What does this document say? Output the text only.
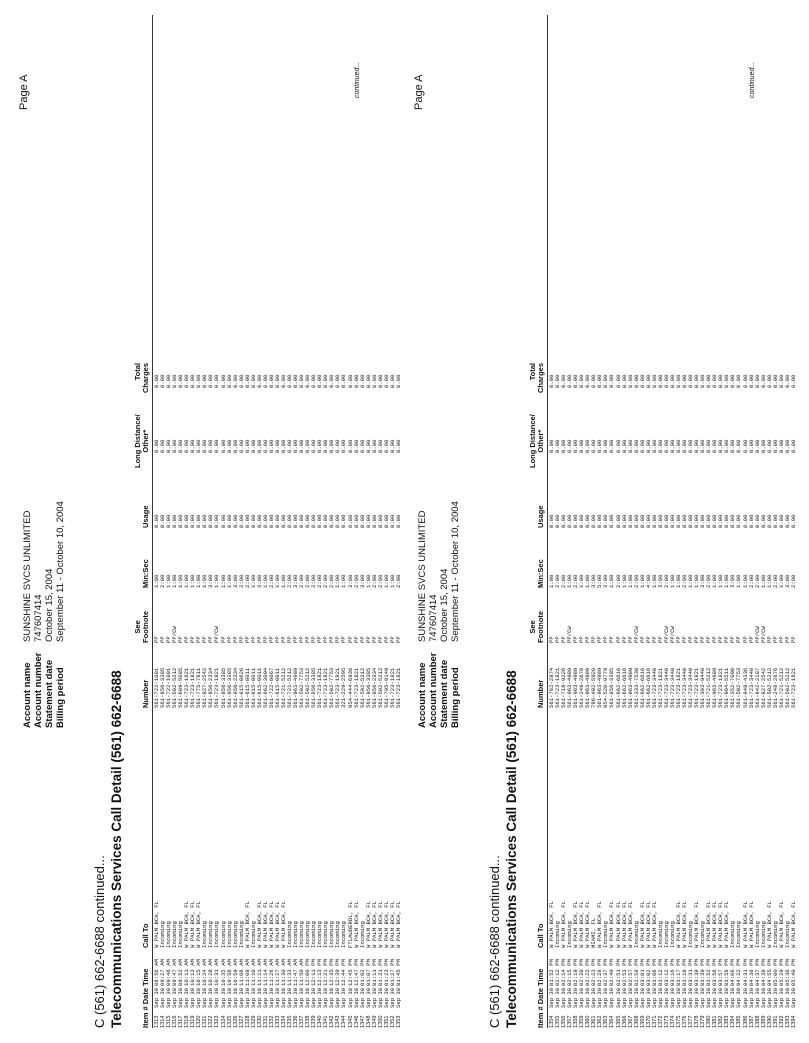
Page A
Account name
SUNSHINE SVCS UNLIMITED
Account number
747607414
Statement date
October 15, 2004
Billing period
September 11 - October 10, 2004
C (561) 662-6688 continued... Telecommunications Services Call Detail (561) 662-6688 Item # Date
Time
Call To
Number
See
Footnote
Min:Sec
Usage
Long Distance/
Other*
Total
Charges
1313
Sep 30
08:56 AM
W PALM BCH, FL
561-722-1001
PP
1:00
0.00
0.00
0.00
1314
Sep 30
09:27 AM
Incoming
561-856-3385
PP
2:00
0.00
0.00
0.00
1315
Sep 30
09:46 AM
Incoming
561-722-1001
PP
1:00
0.00
0.00
0.00
1316
Sep 30
09:47 AM
Incoming
561-502-5212
PP/CW
1:00
0.00
0.00
0.00
1317
Sep 30
09:52 AM
Incoming
561-689-5085
PP
1:00
0.00
0.00
0.00
1318
Sep 30
10:11 AM
W PALM BCH, FL
561-723-1821
PP
1:00
0.00
0.00
0.00
1319
Sep 30
10:13 AM
W PALM BCH, FL
561-723-1821
PP
1:00
0.00
0.00
0.00
1320
Sep 30
10:15 AM
W PALM BCH, FL
561-775-7811
PP
1:00
0.00
0.00
0.00
1321
Sep 30
10:24 AM
Incoming
561-827-2542
PP
1:00
0.00
0.00
0.00
1322
Sep 30
10:28 AM
Incoming
561-856-2334
PP
3:00
0.00
0.00
0.00
1323
Sep 30
10:31 AM
Incoming
561-723-1821
PP/CW
1:00
0.00
0.00
0.00
1324
Sep 30
10:35 AM
Incoming
561-856-3385
PP
1:00
0.00
0.00
0.00
1325
Sep 30
10:56 AM
Incoming
561-856-3385
PP
1:00
0.00
0.00
0.00
1326
Sep 30
10:59 AM
Incoming
561-856-2334
PP
3:00
0.00
0.00
0.00
1327
Sep 30
11:06 AM
Incoming
561-615-0626
PP
2:00
0.00
0.00
0.00
1328
Sep 30
11:08 AM
W PALM BCH, FL
561-615-0011
PP
2:00
0.00
0.00
0.00
1329
Sep 30
11:10 AM
Incoming
561-615-0011
PP
1:00
0.00
0.00
0.00
1330
Sep 30
11:11 AM
W PALM BCH, FL
561-615-0011
PP
3:00
0.00
0.00
0.00
1331
Sep 30
11:14 AM
W PALM BCH, FL
561-662-3094
PP
1:00
0.00
0.00
0.00
1332
Sep 30
11:26 AM
W PALM BCH, FL
561-722-0067
PP
2:00
0.00
0.00
0.00
1333
Sep 30
11:27 AM
W PALM BCH, FL
561-615-0011
PP
1:00
0.00
0.00
0.00
1334
Sep 30
11:30 AM
W PALM BCH, FL
561-721-5212
PP
1:00
0.00
0.00
0.00
1335
Sep 30
11:33 AM
Incoming
561-721-5212
PP
2:00
0.00
0.00
0.00
1336
Sep 30
11:47 AM
Incoming
561-963-4989
PP
3:00
0.00
0.00
0.00
1337
Sep 30
11:50 AM
Incoming
561-502-7753
PP
2:00
0.00
0.00
0.00
1338
Sep 30
12:00 PM
Incoming
561-502-5212
PP
2:00
0.00
0.00
0.00
1339
Sep 30
12:11 PM
Incoming
561-856-3385
PP
2:00
0.00
0.00
0.00
1340
Sep 30
12:13 PM
Incoming
561-723-1821
PP
2:00
0.00
0.00
0.00
1341
Sep 30
12:21 PM
Incoming
561-723-1821
PP
2:00
0.00
0.00
0.00
1342
Sep 30
12:35 PM
Incoming
561-502-7753
PP
2:00
0.00
0.00
0.00
1343
Sep 30
12:39 PM
Incoming
561-723-1821
PP
1:00
0.00
0.00
0.00
1344
Sep 30
12:44 PM
Incoming
321-229-2595
PP
1:00
0.00
0.00
0.00
1345
Sep 30
12:45 PM
FTLAUDERDL, FL
954-444-6936
PP
3:00
0.00
0.00
0.00
1346
Sep 30
12:47 PM
W PALM BCH, FL
561-723-1821
PP
2:00
0.00
0.00
0.00
1347
Sep 30
01:02 PM
Incoming
561-502-5212
PP
3:00
0.00
0.00
0.00
1348
Sep 30
01:07 PM
W PALM BCH, FL
561-856-3385
PP
1:00
0.00
0.00
0.00
1349
Sep 30
01:11 PM
W PALM BCH, FL
561-856-2334
PP
2:00
0.00
0.00
0.00
1350
Sep 30
01:21 PM
W PALM BCH, FL
561-502-5212
PP
2:00
0.00
0.00
0.00
1351
Sep 30
01:23 PM
W PALM BCH, FL
561-795-9149
PP
1:00
0.00
0.00
0.00
1352
Sep 30
01:27 PM
W PALM BCH, FL
561-723-1821
PP
1:00
0.00
0.00
0.00
1353
Sep 30
01:45 PM
W PALM BCH, FL
561-723-1821
PP
2:00
0.00
0.00
0.00
continued...	Page A
Account name
SUNSHINE SVCS UNLIMITED
Account number
747607414
Statement date
October 15, 2004
Billing period
September 11 - October 10, 2004
C (561) 662-6688 continued... Telecommunications Services Call Detail (561) 662-6688 Item # Date
Time
Call To
Number
See
Footnote
Min:Sec
Usage
Long Distance/
Other*
Total
Charges
1354
Sep 30
01:52 PM
W PALM BCH, FL
561-762-2874
PP
1:00
0.00
0.00
0.00
1355
Sep 30
02:12 PM
Incoming
561-723-1821
PP
2:00
0.00
0.00
0.00
1356
Sep 30
02:14 PM
W PALM BCH, FL
561-718-9226
PP
2:00
0.00
0.00
0.00
1357
Sep 30
02:15 PM
Incoming
561-963-4989
PP/CW
1:00
0.00
0.00
0.00
1358
Sep 30
02:19 PM
W PALM BCH, FL
561-963-4989
PP
2:00
0.00
0.00
0.00
1359
Sep 30
02:20 PM
W PALM BCH, FL
561-248-2676
PP
1:00
0.00
0.00
0.00
1360
Sep 30
02:22 PM
W PALM BCH, FL
561-963-4989
PP
1:00
0.00
0.00
0.00
1361
Sep 30
02:23 PM
MIAMI, FL
786-402-5920
PP
3:00
0.00
0.00
0.00
1362
Sep 30
02:28 PM
W PALM BCH, FL
561-963-4989
PP
5:00
0.00
0.00
0.00
1363
Sep 30
02:37 PM
Incoming
954-520-9779
PP
3:00
0.00
0.00
0.00
1364
Sep 30
02:40 PM
W PALM BCH, FL
561-856-3385
PP
1:00
0.00
0.00
0.00
1365
Sep 30
02:51 PM
W PALM BCH, FL
561-662-6616
PP
2:00
0.00
0.00
0.00
1366
Sep 30
02:53 PM
W PALM BCH, FL
561-662-6616
PP
1:00
0.00
0.00
0.00
1367
Sep 30
02:57 PM
W PALM BCH, FL
561-963-4989
PP
1:00
0.00
0.00
0.00
1368
Sep 30
02:58 PM
Incoming
561-333-7530
PP/CW
2:00
0.00
0.00
0.00
1369
Sep 30
03:01 PM
W PALM BCH, FL
561-662-6616
PP
1:00
0.00
0.00
0.00
1370
Sep 30
03:02 PM
W PALM BCH, FL
561-662-6616
PP
4:00
0.00
0.00
0.00
1371
Sep 30
03:06 PM
W PALM BCH, FL
561-723-3440
PP
1:00
0.00
0.00
0.00
1372
Sep 30
03:12 PM
Incoming
561-723-1821
PP
3:00
0.00
0.00
0.00
1373
Sep 30
03:12 PM
Incoming
561-723-3440
PP/CW
2:00
0.00
0.00
0.00
1374
Sep 30
03:16 PM
Incoming
561-723-3440
PP/CW
1:00
0.00
0.00
0.00
1375
Sep 30
03:17 PM
W PALM BCH, FL
561-723-1821
PP
1:00
0.00
0.00
0.00
1376
Sep 30
03:19 PM
W PALM BCH, FL
561-723-3440
PP
2:00
0.00
0.00
0.00
1377
Sep 30
03:31 PM
Incoming
561-723-3440
PP
1:00
0.00
0.00
0.00
1378
Sep 30
03:38 PM
W PALM BCH, FL
561-723-1821
PP
1:00
0.00
0.00
0.00
1379
Sep 30
03:39 PM
Incoming
561-303-9440
PP
3:00
0.00
0.00
0.00
1380
Sep 30
03:52 PM
W PALM BCH, FL
561-721-5212
PP
2:00
0.00
0.00
0.00
1381
Sep 30
03:56 PM
W PALM BCH, FL
561-963-4989
PP
1:00
0.00
0.00
0.00
1382
Sep 30
03:57 PM
W PALM BCH, FL
561-723-1821
PP
1:00
0.00
0.00
0.00
1383
Sep 30
03:58 PM
W PALM BCH, FL
561-964-5511
PP
1:00
0.00
0.00
0.00
1384
Sep 30
04:06 PM
Incoming
561-352-7000
PP
3:00
0.00
0.00
0.00
1385
Sep 30
04:22 PM
Incoming
561-502-7753
PP
1:00
0.00
0.00
0.00
1386
Sep 30
04:31 PM
W PALM BCH, FL
561-848-4336
PP
1:00
0.00
0.00
0.00
1387
Sep 30
04:36 PM
W PALM BCH, FL
561-723-3440
PP
2:00
0.00
0.00
0.00
1388
Sep 30
04:37 PM
Incoming
561-842-2187
PP/CW
2:00
0.00
0.00
0.00
1389
Sep 30
04:38 PM
Incoming
561-827-2542
PP/CW
1:00
0.00
0.00
0.00
1390
Sep 30
04:55 PM
W PALM BCH, FL
561-502-5212
PP
1:00
0.00
0.00
0.00
1391
Sep 30
05:00 PM
Incoming
561-248-2676
PP
2:00
0.00
0.00
0.00
1392
Sep 30
05:29 PM
W PALM BCH, FL
561-721-5212
PP
1:00
0.00
0.00
0.00
1393
Sep 30
05:36 PM
Incoming
561-502-5212
PP
3:00
0.00
0.00
0.00
1394
Sep 30
05:40 PM
W PALM BCH, FL
561-723-1821
PP
2:00
0.00
0.00
0.00
continued...
